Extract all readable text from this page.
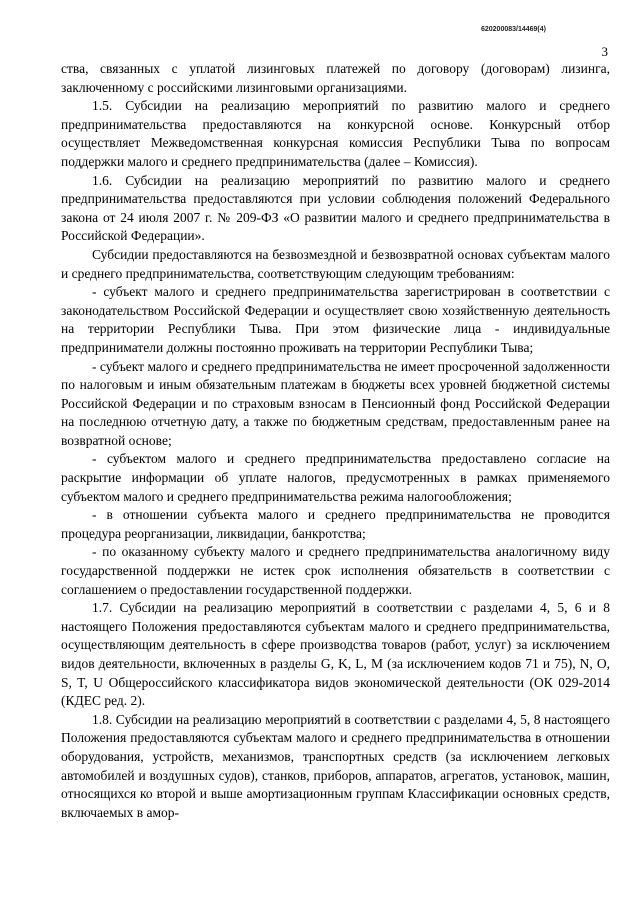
620200083/14469(4)
3

ства, связанных с уплатой лизинговых платежей по договору (договорам) лизинга, заключенному с российскими лизинговыми организациями.

1.5. Субсидии на реализацию мероприятий по развитию малого и среднего предпринимательства предоставляются на конкурсной основе. Конкурсный отбор осуществляет Межведомственная конкурсная комиссия Республики Тыва по вопросам поддержки малого и среднего предпринимательства (далее – Комиссия).

1.6. Субсидии на реализацию мероприятий по развитию малого и среднего предпринимательства предоставляются при условии соблюдения положений Федерального закона от 24 июля 2007 г. № 209-ФЗ «О развитии малого и среднего предпринимательства в Российской Федерации».

Субсидии предоставляются на безвозмездной и безвозвратной основах субъектам малого и среднего предпринимательства, соответствующим следующим требованиям:

- субъект малого и среднего предпринимательства зарегистрирован в соответствии с законодательством Российской Федерации и осуществляет свою хозяйственную деятельность на территории Республики Тыва. При этом физические лица - индивидуальные предприниматели должны постоянно проживать на территории Республики Тыва;

- субъект малого и среднего предпринимательства не имеет просроченной задолженности по налоговым и иным обязательным платежам в бюджеты всех уровней бюджетной системы Российской Федерации и по страховым взносам в Пенсионный фонд Российской Федерации на последнюю отчетную дату, а также по бюджетным средствам, предоставленным ранее на возвратной основе;

- субъектом малого и среднего предпринимательства предоставлено согласие на раскрытие информации об уплате налогов, предусмотренных в рамках применяемого субъектом малого и среднего предпринимательства режима налогообложения;

- в отношении субъекта малого и среднего предпринимательства не проводится процедура реорганизации, ликвидации, банкротства;

- по оказанному субъекту малого и среднего предпринимательства аналогичному виду государственной поддержки не истек срок исполнения обязательств в соответствии с соглашением о предоставлении государственной поддержки.

1.7. Субсидии на реализацию мероприятий в соответствии с разделами 4, 5, 6 и 8 настоящего Положения предоставляются субъектам малого и среднего предпринимательства, осуществляющим деятельность в сфере производства товаров (работ, услуг) за исключением видов деятельности, включенных в разделы G, K, L, M (за исключением кодов 71 и 75), N, O, S, T, U Общероссийского классификатора видов экономической деятельности (ОК 029-2014 (КДЕС ред. 2).

1.8. Субсидии на реализацию мероприятий в соответствии с разделами 4, 5, 8 настоящего Положения предоставляются субъектам малого и среднего предпринимательства в отношении оборудования, устройств, механизмов, транспортных средств (за исключением легковых автомобилей и воздушных судов), станков, приборов, аппаратов, агрегатов, установок, машин, относящихся ко второй и выше амортизационным группам Классификации основных средств, включаемых в амор-
